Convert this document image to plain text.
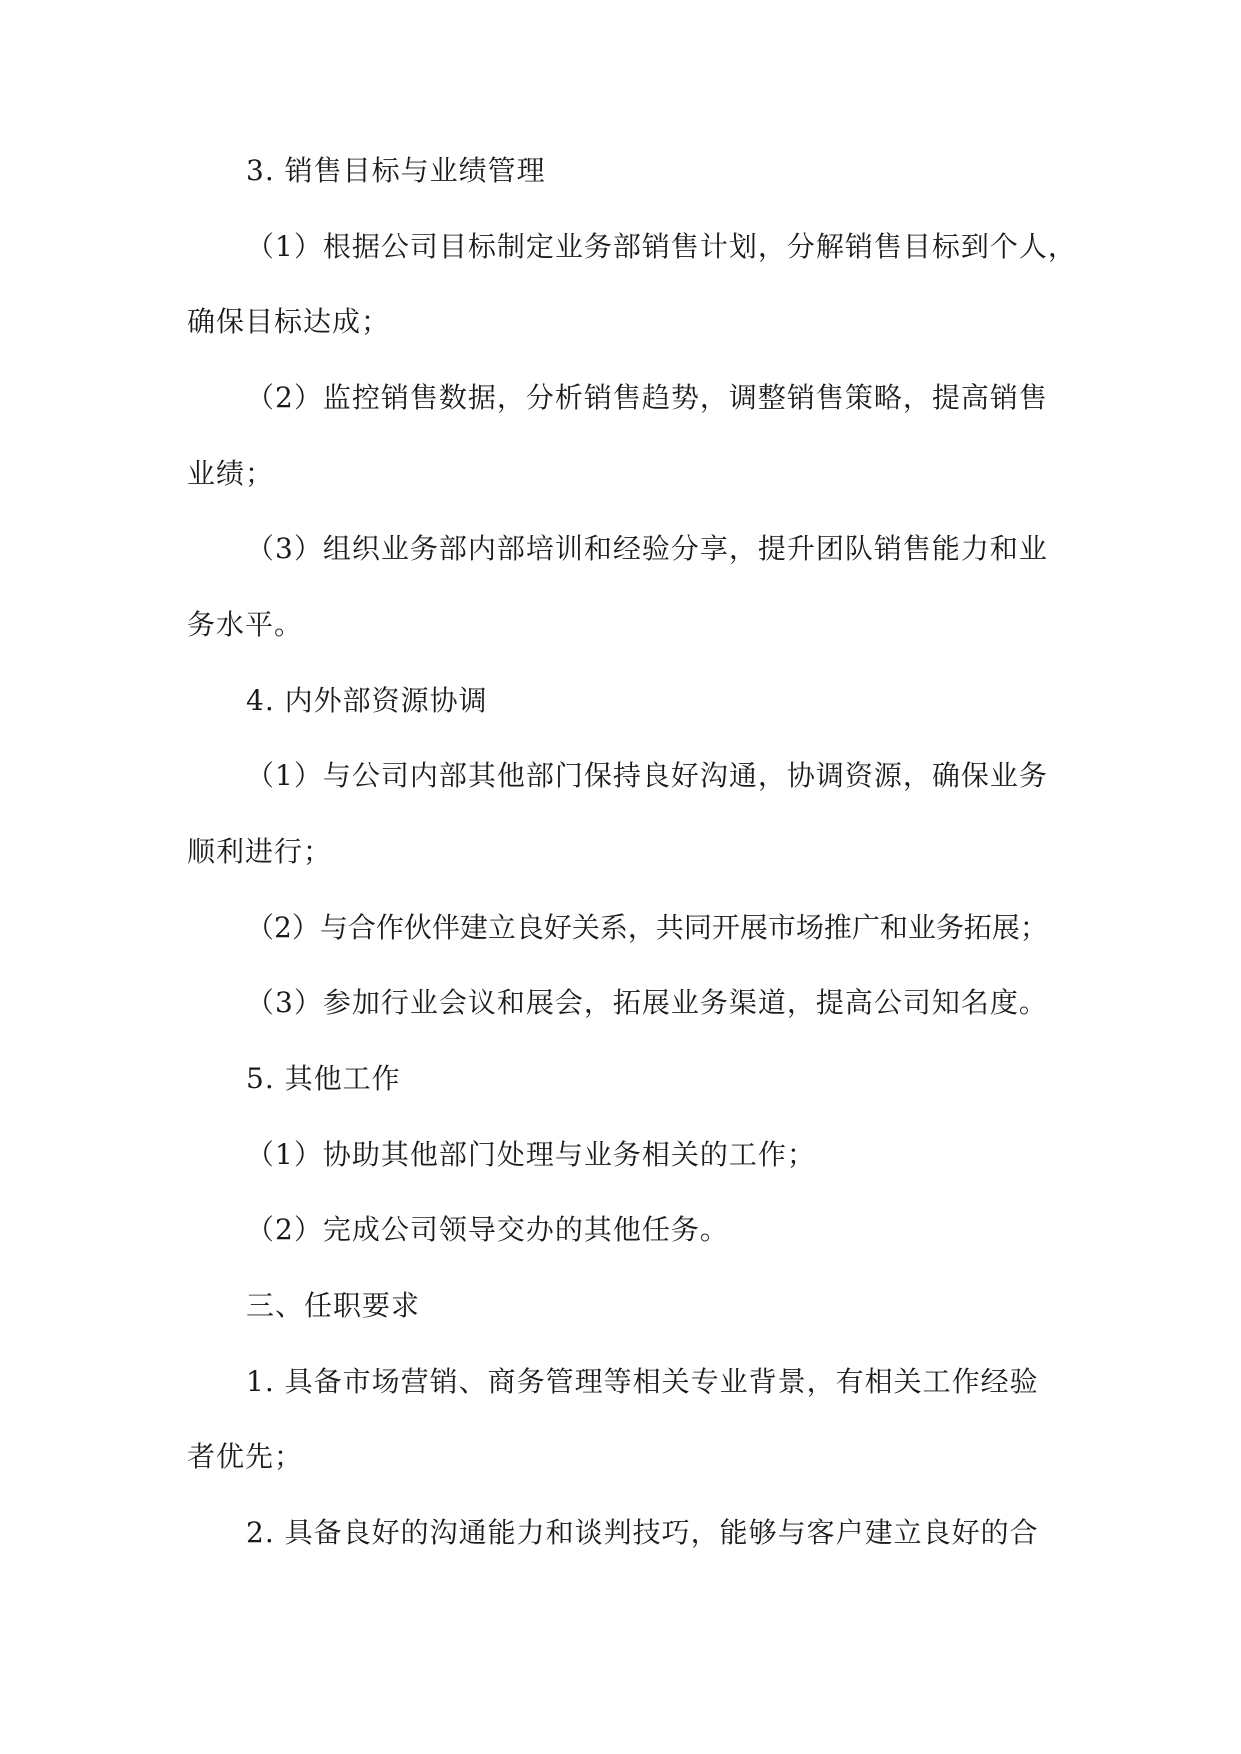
3. 销售目标与业绩管理
（1）根据公司目标制定业务部销售计划，分解销售目标到个人，
确保目标达成；
（2）监控销售数据，分析销售趋势，调整销售策略，提高销售
业绩；
（3）组织业务部内部培训和经验分享，提升团队销售能力和业
务水平。
4. 内外部资源协调
（1）与公司内部其他部门保持良好沟通，协调资源，确保业务
顺利进行；
（2）与合作伙伴建立良好关系，共同开展市场推广和业务拓展；
（3）参加行业会议和展会，拓展业务渠道，提高公司知名度。
5. 其他工作
（1）协助其他部门处理与业务相关的工作；
（2）完成公司领导交办的其他任务。
三、任职要求
1. 具备市场营销、商务管理等相关专业背景，有相关工作经验
者优先；
2. 具备良好的沟通能力和谈判技巧，能够与客户建立良好的合
